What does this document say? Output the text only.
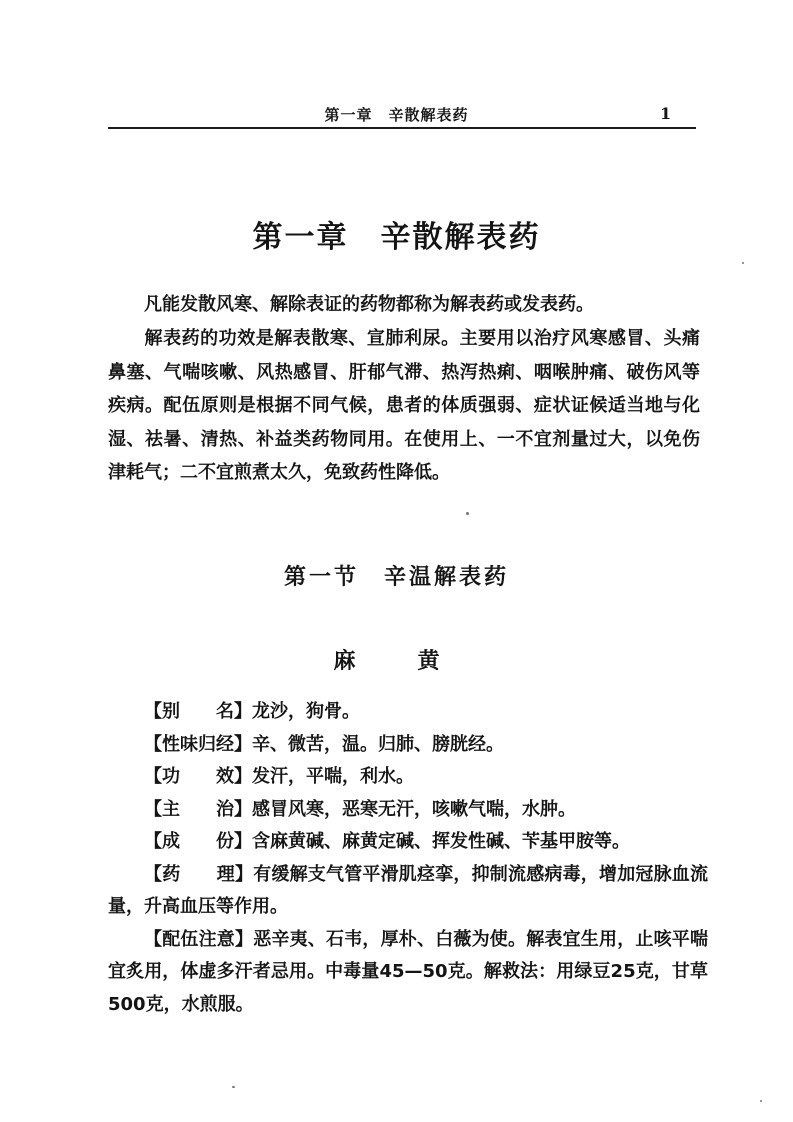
第一章　辛散解表药	1
第一章　辛散解表药
凡能发散风寒、解除表证的药物都称为解表药或发表药。
解表药的功效是解表散寒、宣肺利尿。主要用以治疗风寒感冒、头痛鼻塞、气喘咳嗽、风热感冒、肝郁气滞、热泻热痢、咽喉肿痛、破伤风等疾病。配伍原则是根据不同气候，患者的体质强弱、症状证候适当地与化湿、祛暑、清热、补益类药物同用。在使用上、一不宜剂量过大，以免伤津耗气；二不宜煎煮太久，免致药性降低。
第一节　辛温解表药
麻　黄
【别　　名】龙沙，狗骨。
【性味归经】辛、微苦，温。归肺、膀胱经。
【功　　效】发汗，平喘，利水。
【主　　治】感冒风寒，恶寒无汗，咳嗽气喘，水肿。
【成　　份】含麻黄碱、麻黄定碱、挥发性碱、苄基甲胺等。
【药　　理】有缓解支气管平滑肌痉挛，抑制流感病毒，增加冠脉血流量，升高血压等作用。
【配伍注意】恶辛夷、石韦，厚朴、白薇为使。解表宜生用，止咳平喘宜炙用，体虚多汗者忌用。中毒量45—50克。解救法：用绿豆25克，甘草500克，水煎服。
